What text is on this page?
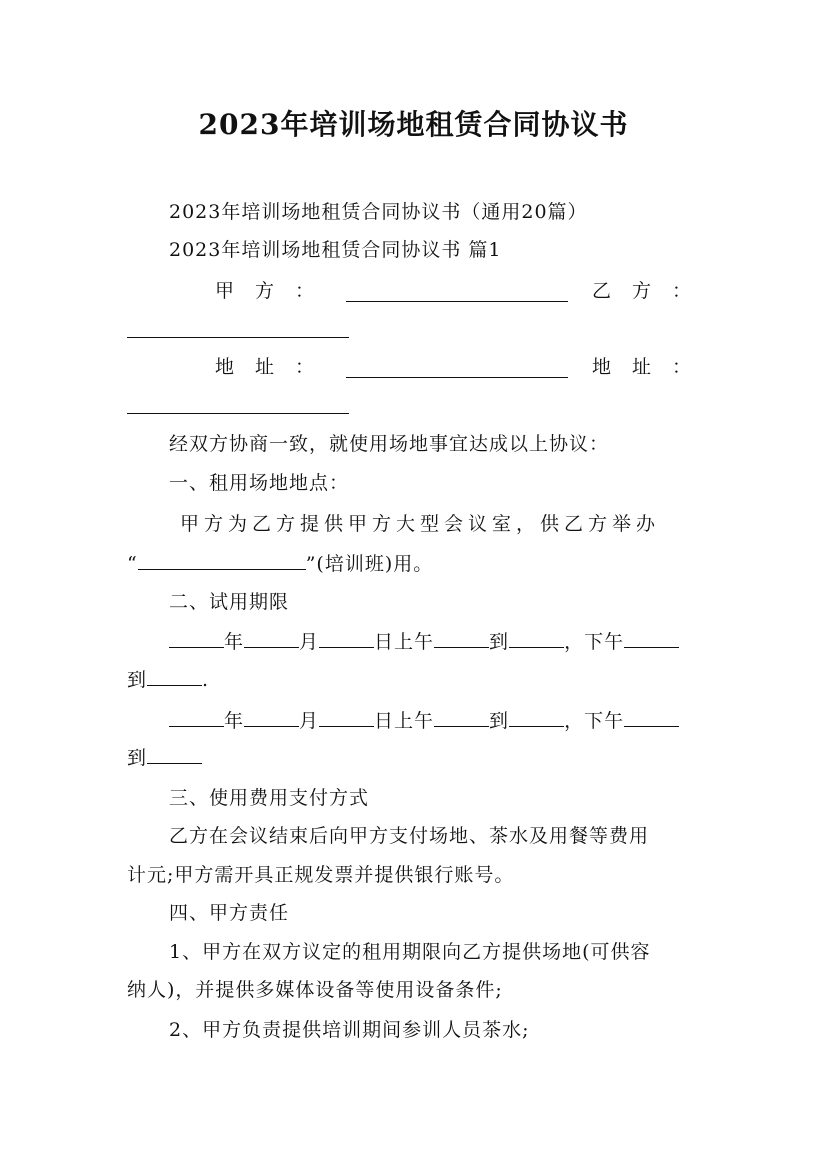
2023年培训场地租赁合同协议书
2023年培训场地租赁合同协议书（通用20篇）
2023年培训场地租赁合同协议书 篇1
甲　方　：	乙　方　：
地　址　：	地　址　：
经双方协商一致，就使用场地事宜达成以上协议：
一、租用场地地点：
甲方为乙方提供甲方大型会议室，供乙方举办
“	”(培训班)用。
二、试用期限
年	月	日上午	到	，下午
到	.
年	月	日上午	到	，下午
到
三、使用费用支付方式
乙方在会议结束后向甲方支付场地、茶水及用餐等费用
计元;甲方需开具正规发票并提供银行账号。
四、甲方责任
1、甲方在双方议定的租用期限向乙方提供场地(可供容
纳人)，并提供多媒体设备等使用设备条件;
2、甲方负责提供培训期间参训人员茶水;
